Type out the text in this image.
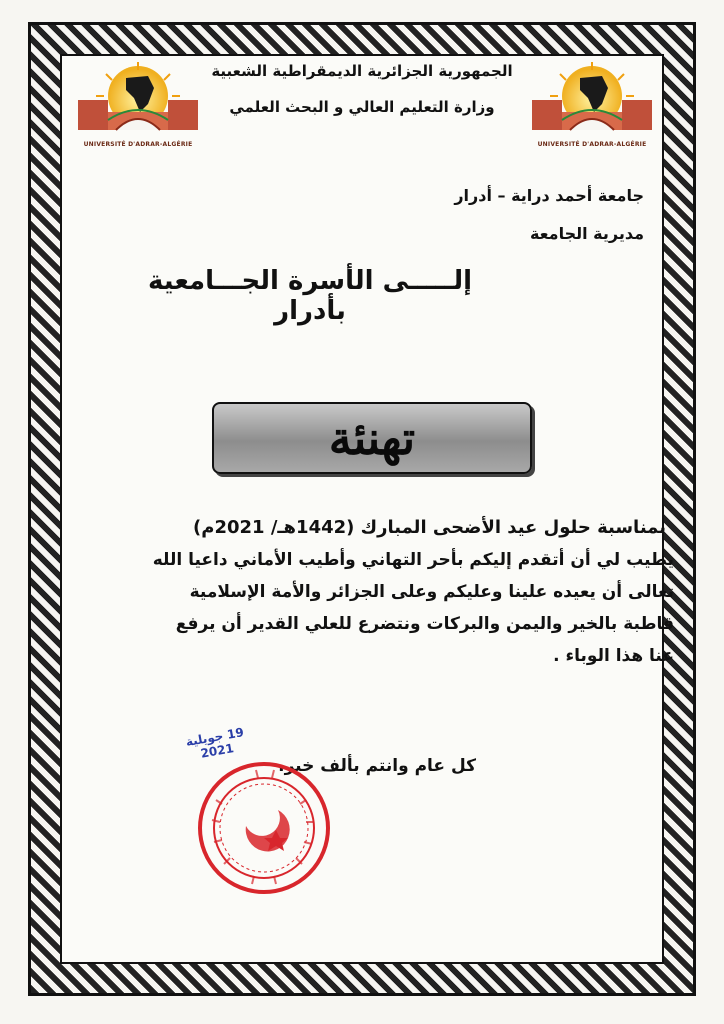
UNIVERSITÉ D'ADRAR-ALGÉRIE	UNIVERSITÉ D'ADRAR-ALGÉRIE
الجمهورية الجزائرية الديمقراطية الشعبية
وزارة التعليم العالي و البحث العلمي
جامعة أحمد دراية – أدرار
مديرية الجامعة
إلـــــى الأسرة الجـــامعية بأدرار
تهنئة

بمناسبة حلول عيد الأضحى المبارك (1442هـ/ 2021م)

يطيب لي أن أتقدم إليكم بأحر التهاني وأطيب الأماني داعيا الله

تعالى أن يعيده علينا وعليكم وعلى الجزائر والأمة الإسلامية

قاطبة بالخير واليمن والبركات ونتضرع للعلي القدير أن يرفع

عنا هذا الوباء .

19 جويلية 2021
كل عام وانتم بألف خير.
